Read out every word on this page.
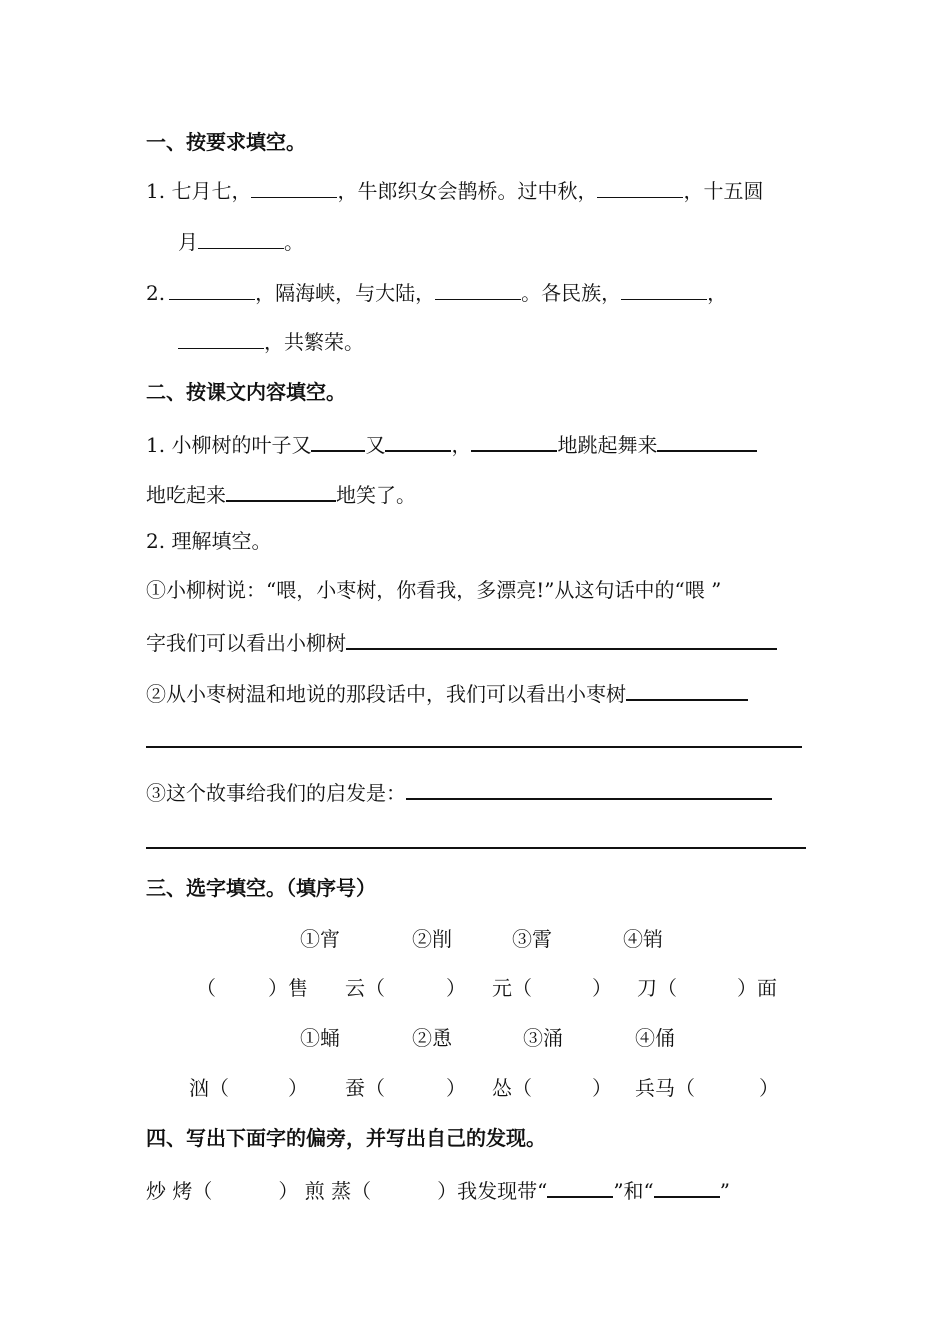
一、按要求填空。
1. 七月七，	，牛郎织女会鹊桥。过中秋，	，十五圆
月	。
2.	，隔海峡，与大陆，	。各民族，	，
，共繁荣。
二、按课文内容填空。
1. 小柳树的叶子又	又	，	地跳起舞来
地吃起来	地笑了。
2. 理解填空。
①小柳树说：“喂，小枣树，你看我，多漂亮!”从这句话中的“喂 ”
字我们可以看出小柳树
②从小枣树温和地说的那段话中，我们可以看出小枣树
③这个故事给我们的启发是：
三、选字填空。（填序号）
①宵	②削	③霄	④销
（	）售 云（	） 元（	） 刀（	）面
①蛹	②恿	③涌	④俑
汹（	） 蚕（	） 怂（	） 兵马（	）
四、写出下面字的偏旁，并写出自己的发现。
炒 烤（	） 煎 蒸（	）我发现带“	”和“	”
